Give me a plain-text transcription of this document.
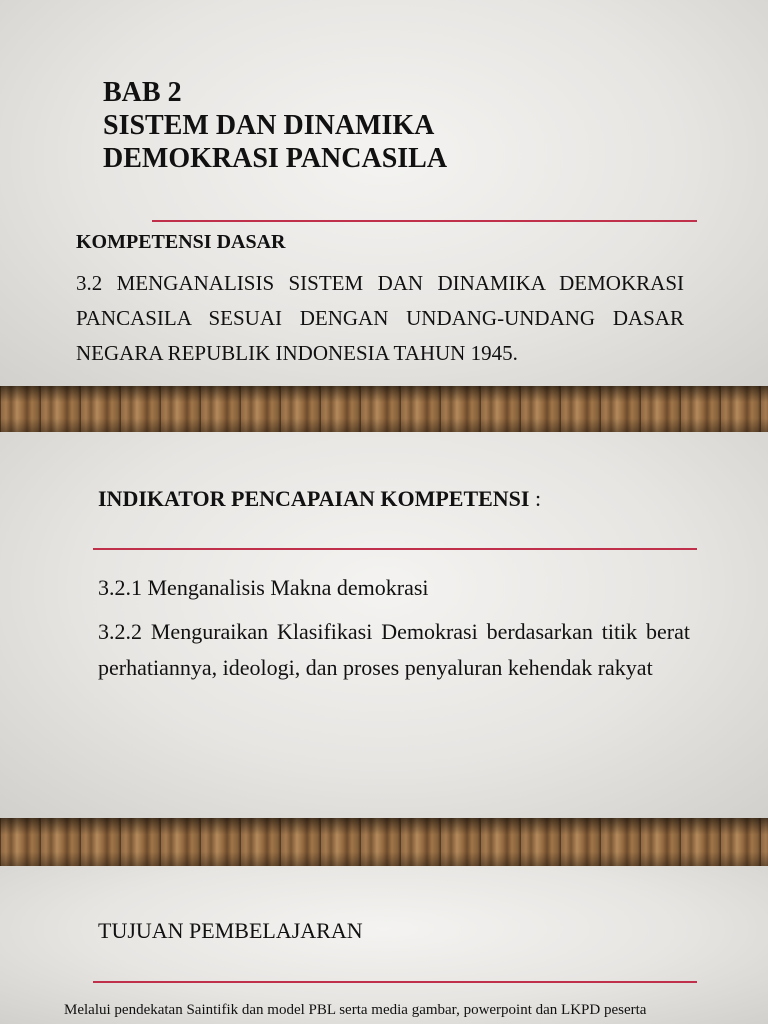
BAB 2
SISTEM DAN DINAMIKA
DEMOKRASI PANCASILA

KOMPETENSI DASAR

3.2 MENGANALISIS SISTEM DAN DINAMIKA DEMOKRASI PANCASILA SESUAI DENGAN UNDANG-UNDANG DASAR NEGARA REPUBLIK INDONESIA TAHUN 1945.

INDIKATOR PENCAPAIAN KOMPETENSI :

3.2.1 Menganalisis Makna demokrasi

3.2.2 Menguraikan Klasifikasi Demokrasi berdasarkan titik berat perhatiannya, ideologi, dan proses penyaluran kehendak rakyat

TUJUAN PEMBELAJARAN

Melalui pendekatan Saintifik dan model PBL serta media gambar, powerpoint dan LKPD peserta
